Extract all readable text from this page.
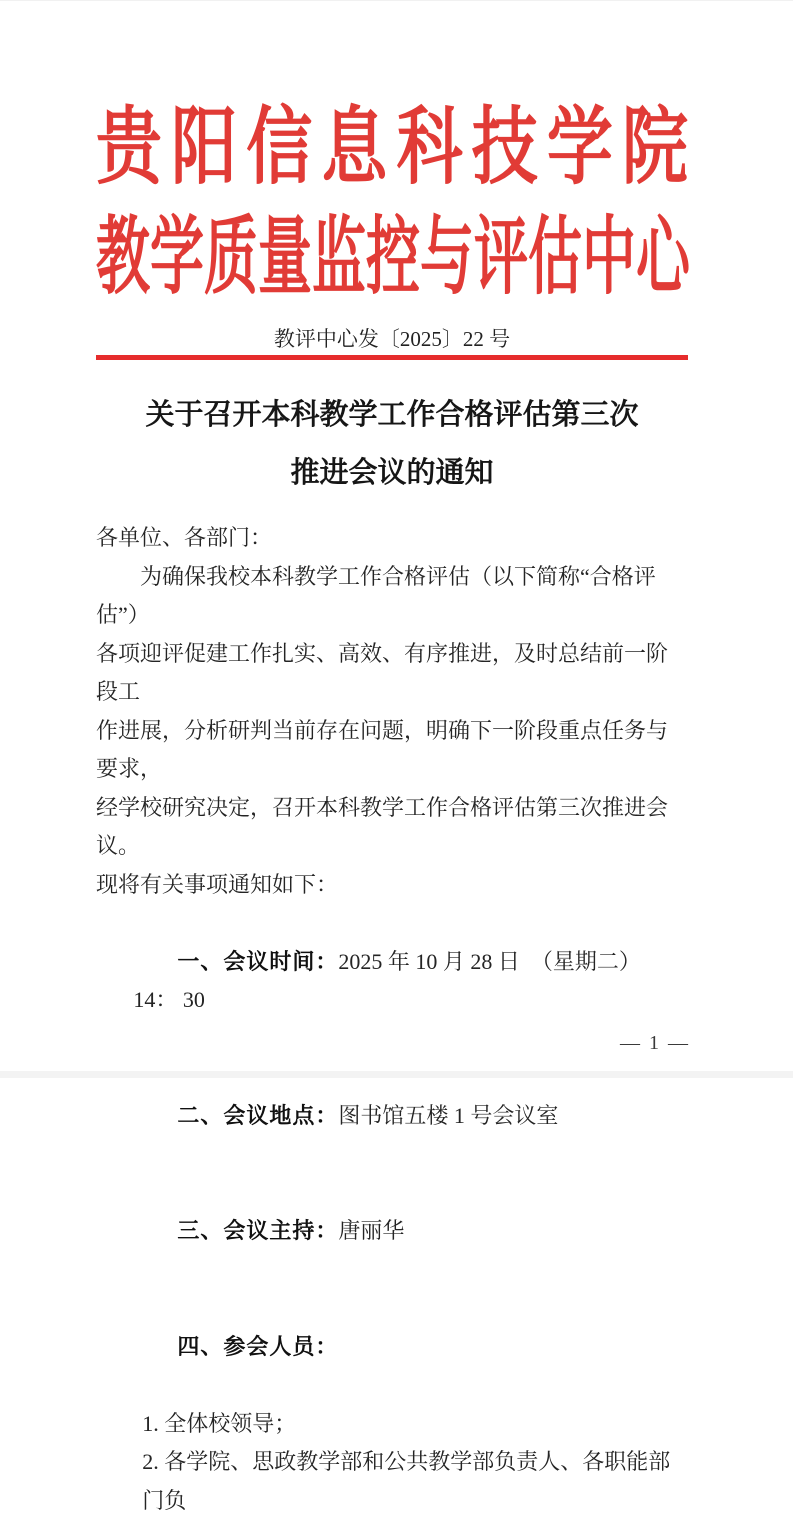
贵阳信息科技学院
教学质量监控与评估中心
教评中心发〔2025〕22 号
关于召开本科教学工作合格评估第三次
推进会议的通知
各单位、各部门：
为确保我校本科教学工作合格评估（以下简称“合格评估”）
各项迎评促建工作扎实、高效、有序推进，及时总结前一阶段工
作进展，分析研判当前存在问题，明确下一阶段重点任务与要求，
经学校研究决定，召开本科教学工作合格评估第三次推进会议。
现将有关事项通知如下：

一、会议时间：2025 年 10 月 28 日  （星期二）  14： 30

二、会议地点：图书馆五楼 1 号会议室

三、会议主持：唐丽华

四、参会人员：

1. 全体校领导；
2. 各学院、思政教学部和公共教学部负责人、各职能部门负
— 1 —
